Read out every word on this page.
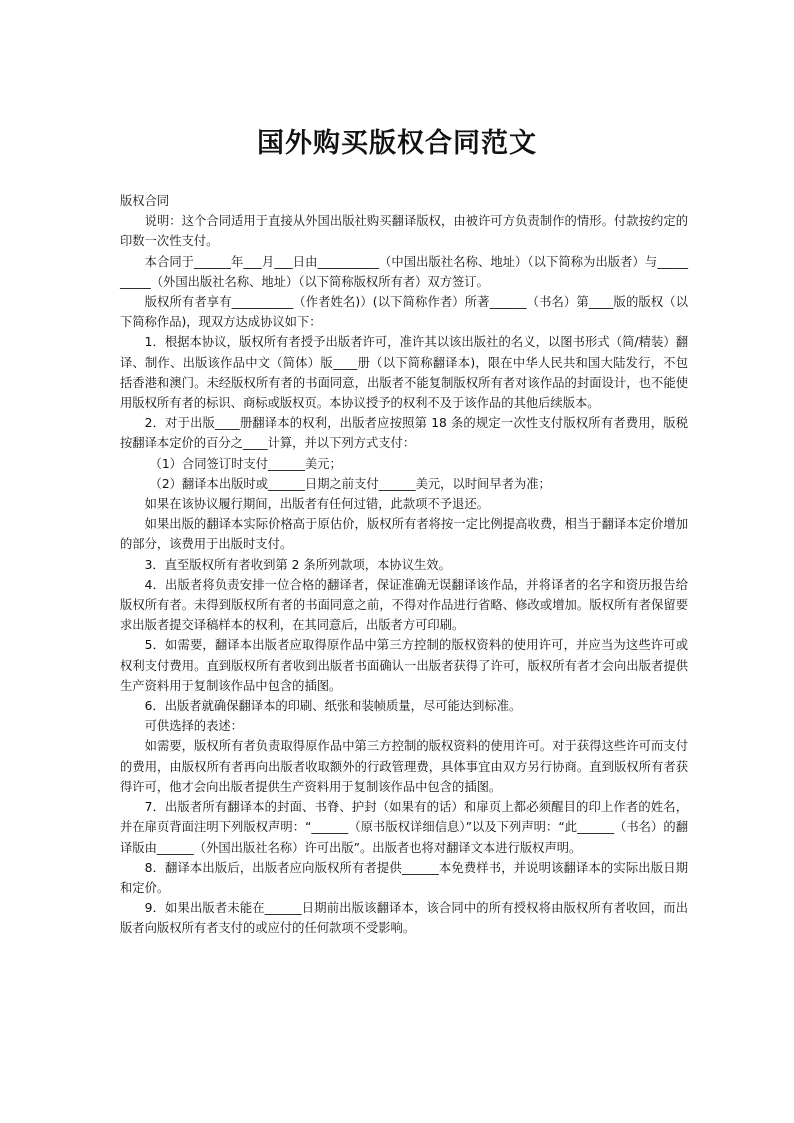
国外购买版权合同范文

版权合同

说明：这个合同适用于直接从外国出版社购买翻译版权，由被许可方负责制作的情形。付款按约定的印数一次性支付。

本合同于______年___月___日由__________（中国出版社名称、地址）（以下简称为出版者）与__________（外国出版社名称、地址）（以下简称版权所有者）双方签订。

版权所有者享有__________（作者姓名)）(以下简称作者）所著______（书名）第____版的版权（以下简称作品)，现双方达成协议如下：

1．根据本协议，版权所有者授予出版者许可，准许其以该出版社的名义，以图书形式（简/精装）翻译、制作、出版该作品中文（简体）版____册（以下简称翻译本)，限在中华人民共和国大陆发行，不包括香港和澳门。未经版权所有者的书面同意，出版者不能复制版权所有者对该作品的封面设计，也不能使用版权所有者的标识、商标或版权页。本协议授予的权利不及于该作品的其他后续版本。

2．对于出版____册翻译本的权利，出版者应按照第 18 条的规定一次性支付版权所有者费用，版税按翻译本定价的百分之____计算，并以下列方式支付：

（1）合同签订时支付______美元；

（2）翻译本出版时或______日期之前支付______美元，以时间早者为准；

如果在该协议履行期间，出版者有任何过错，此款项不予退还。

如果出版的翻译本实际价格高于原估价，版权所有者将按一定比例提高收费，相当于翻译本定价增加的部分，该费用于出版时支付。

3．直至版权所有者收到第 2 条所列款项，本协议生效。

4．出版者将负责安排一位合格的翻译者，保证准确无误翻译该作品，并将译者的名字和资历报告给版权所有者。未得到版权所有者的书面同意之前，不得对作品进行省略、修改或增加。版权所有者保留要求出版者提交译稿样本的权利，在其同意后，出版者方可印刷。

5．如需要，翻译本出版者应取得原作品中第三方控制的版权资料的使用许可，并应当为这些许可或权利支付费用。直到版权所有者收到出版者书面确认一出版者获得了许可，版权所有者才会向出版者提供生产资料用于复制该作品中包含的插图。

6．出版者就确保翻译本的印刷、纸张和装帧质量，尽可能达到标准。

可供选择的表述：

如需要，版权所有者负责取得原作品中第三方控制的版权资料的使用许可。对于获得这些许可而支付的费用，由版权所有者再向出版者收取额外的行政管理费，具体事宜由双方另行协商。直到版权所有者获得许可，他才会向出版者提供生产资料用于复制该作品中包含的插图。

7．出版者所有翻译本的封面、书脊、护封（如果有的话）和扉页上都必须醒目的印上作者的姓名，并在扉页背面注明下列版权声明：“______（原书版权详细信息）”以及下列声明：“此______（书名）的翻译版由______（外国出版社名称）许可出版”。出版者也将对翻译文本进行版权声明。

8．翻译本出版后，出版者应向版权所有者提供______本免费样书，并说明该翻译本的实际出版日期和定价。

9．如果出版者未能在______日期前出版该翻译本，该合同中的所有授权将由版权所有者收回，而出版者向版权所有者支付的或应付的任何款项不受影响。
